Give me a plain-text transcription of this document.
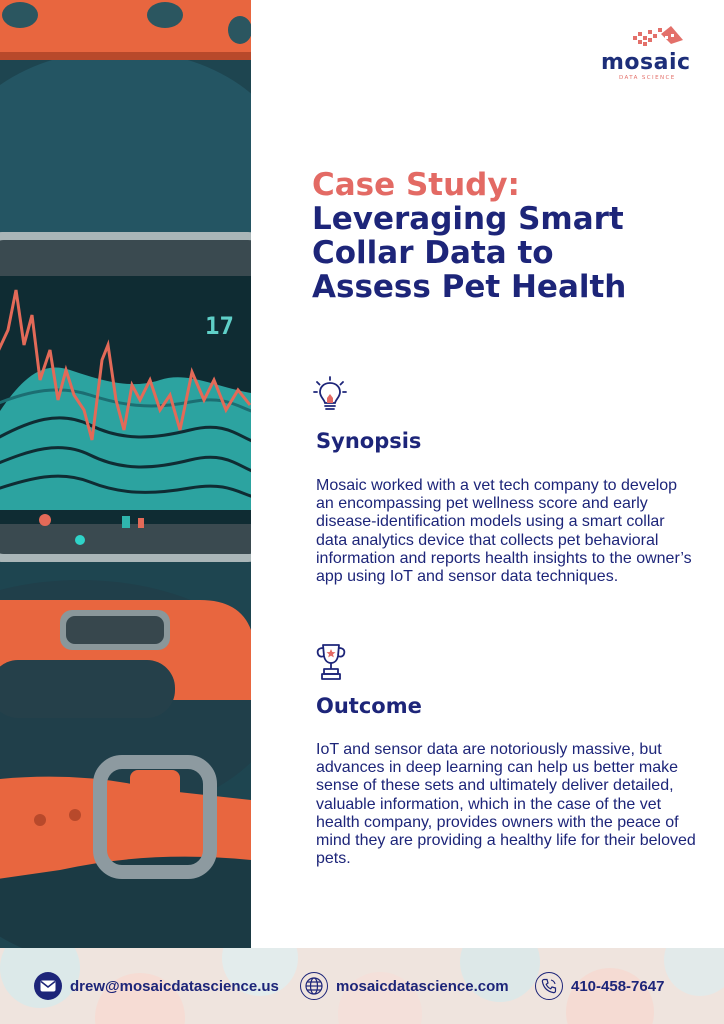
17
mosaic
DATA SCIENCE

Case Study:

Leveraging Smart Collar Data to Assess Pet Health

Synopsis

Mosaic worked with a vet tech company to develop an encompassing pet wellness score and early disease-identification models using a smart collar data analytics device that collects pet behavioral information and reports health insights to the owner’s app using IoT and sensor data techniques.

Outcome

IoT and sensor data are notoriously massive, but advances in deep learning can help us better make sense of these sets and ultimately deliver detailed, valuable information, which in the case of the vet health company, provides owners with the peace of mind they are providing a healthy life for their beloved pets.

drew@mosaicdatascience.us	mosaicdatascience.com	410-458-7647
